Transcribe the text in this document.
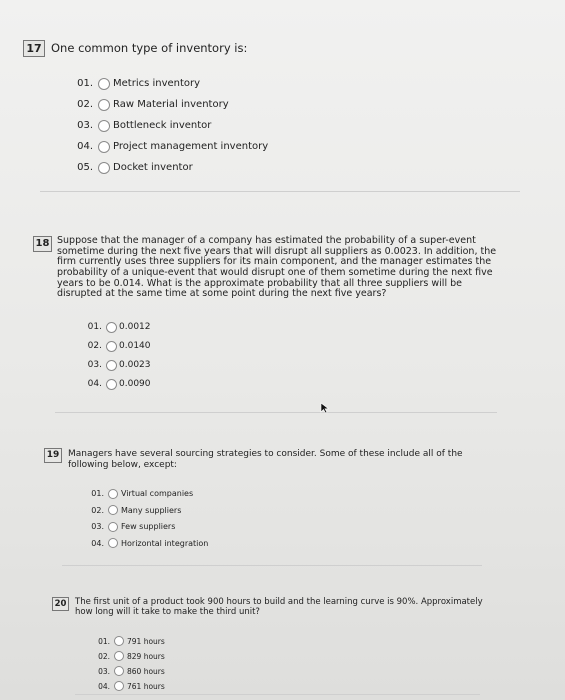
17 One common type of inventory is:
01. Metrics inventory
02. Raw Material inventory
03. Bottleneck inventor
04. Project management inventory
05. Docket inventor
18 Suppose that the manager of a company has estimated the probability of a super-event sometime during the next five years that will disrupt all suppliers as 0.0023. In addition, the firm currently uses three suppliers for its main component, and the manager estimates the probability of a unique-event that would disrupt one of them sometime during the next five years to be 0.014. What is the approximate probability that all three suppliers will be disrupted at the same time at some point during the next five years?
01. 0.0012
02. 0.0140
03. 0.0023
04. 0.0090
19 Managers have several sourcing strategies to consider. Some of these include all of the following below, except:
01. Virtual companies
02. Many suppliers
03. Few suppliers
04. Horizontal integration
20	The first unit of a product took 900 hours to build and the learning curve is 90%. Approximately how long will it take to make the third unit?
01. 791 hours
02. 829 hours
03. 860 hours
04. 761 hours
